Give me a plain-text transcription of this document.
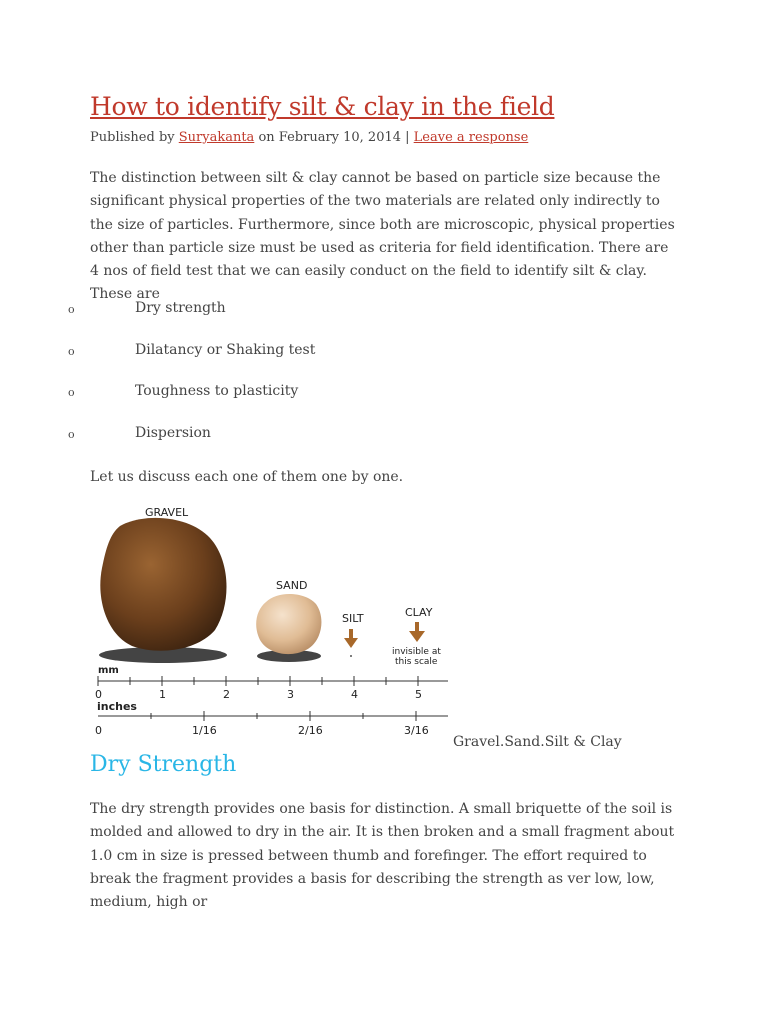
How to identify silt & clay in the field
Published by Suryakanta on February 10, 2014 | Leave a response

The distinction between silt & clay cannot be based on particle size because the significant physical properties of the two materials are related only indirectly to the size of particles. Furthermore, since both are microscopic, physical properties other than particle size must be used as criteria for field identification. There are 4 nos of field test that we can easily conduct on the field to identify silt & clay. These are

o	Dry strength
o	Dilatancy or Shaking test
o	Toughness to plasticity
o	Dispersion

Let us discuss each one of them one by one.

GRAVEL
SAND
SILT	CLAY
invisible at
this scale
mm
0	1	2	3	4	5
inches
0	1/16	2/16	3/16
Gravel.Sand.Silt & Clay
Dry Strength

The dry strength provides one basis for distinction. A small briquette of the soil is molded and allowed to dry in the air. It is then broken and a small fragment about 1.0 cm in size is pressed between thumb and forefinger. The effort required to break the fragment provides a basis for describing the strength as ver low, low, medium, high or
